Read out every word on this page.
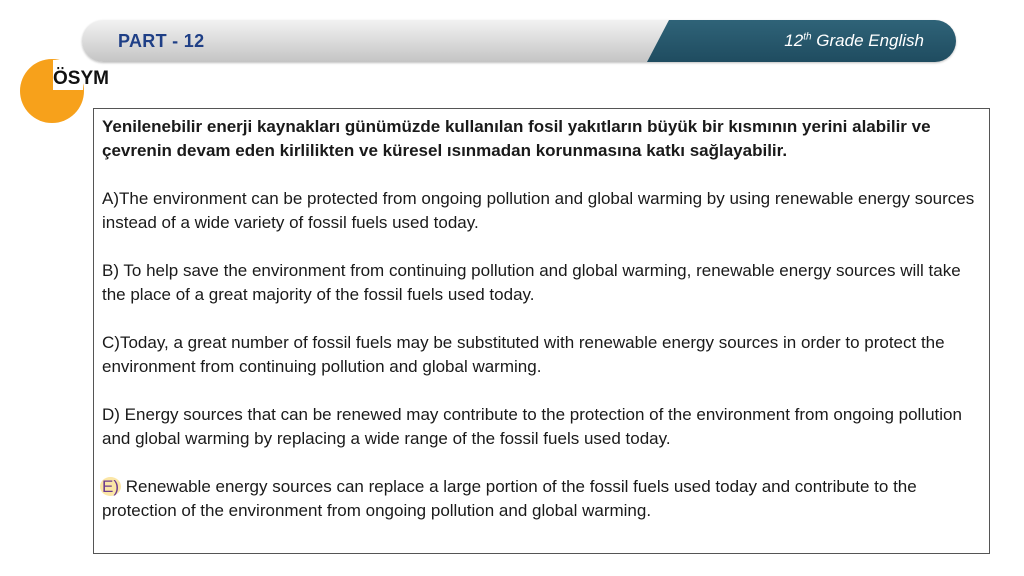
PART - 12	12th Grade English
ÖSYM

Yenilenebilir enerji kaynakları günümüzde kullanılan fosil yakıtların büyük bir kısmının yerini alabilir ve çevrenin devam eden kirlilikten ve küresel ısınmadan korunmasına katkı sağlayabilir.

A)The environment can be protected from ongoing pollution and global warming by using renewable energy sources instead of a wide variety of fossil fuels used today.

B) To help save the environment from continuing pollution and global warming, renewable energy sources will take the place of a great majority of the fossil fuels used today.

C)Today, a great number of fossil fuels may be substituted with renewable energy sources in order to protect the environment from continuing pollution and global warming.

D) Energy sources that can be renewed may contribute to the protection of the environment from ongoing pollution and global warming by replacing a wide range of the fossil fuels used today.

E) Renewable energy sources can replace a large portion of the fossil fuels used today and contribute to the protection of the environment from ongoing pollution and global warming.
